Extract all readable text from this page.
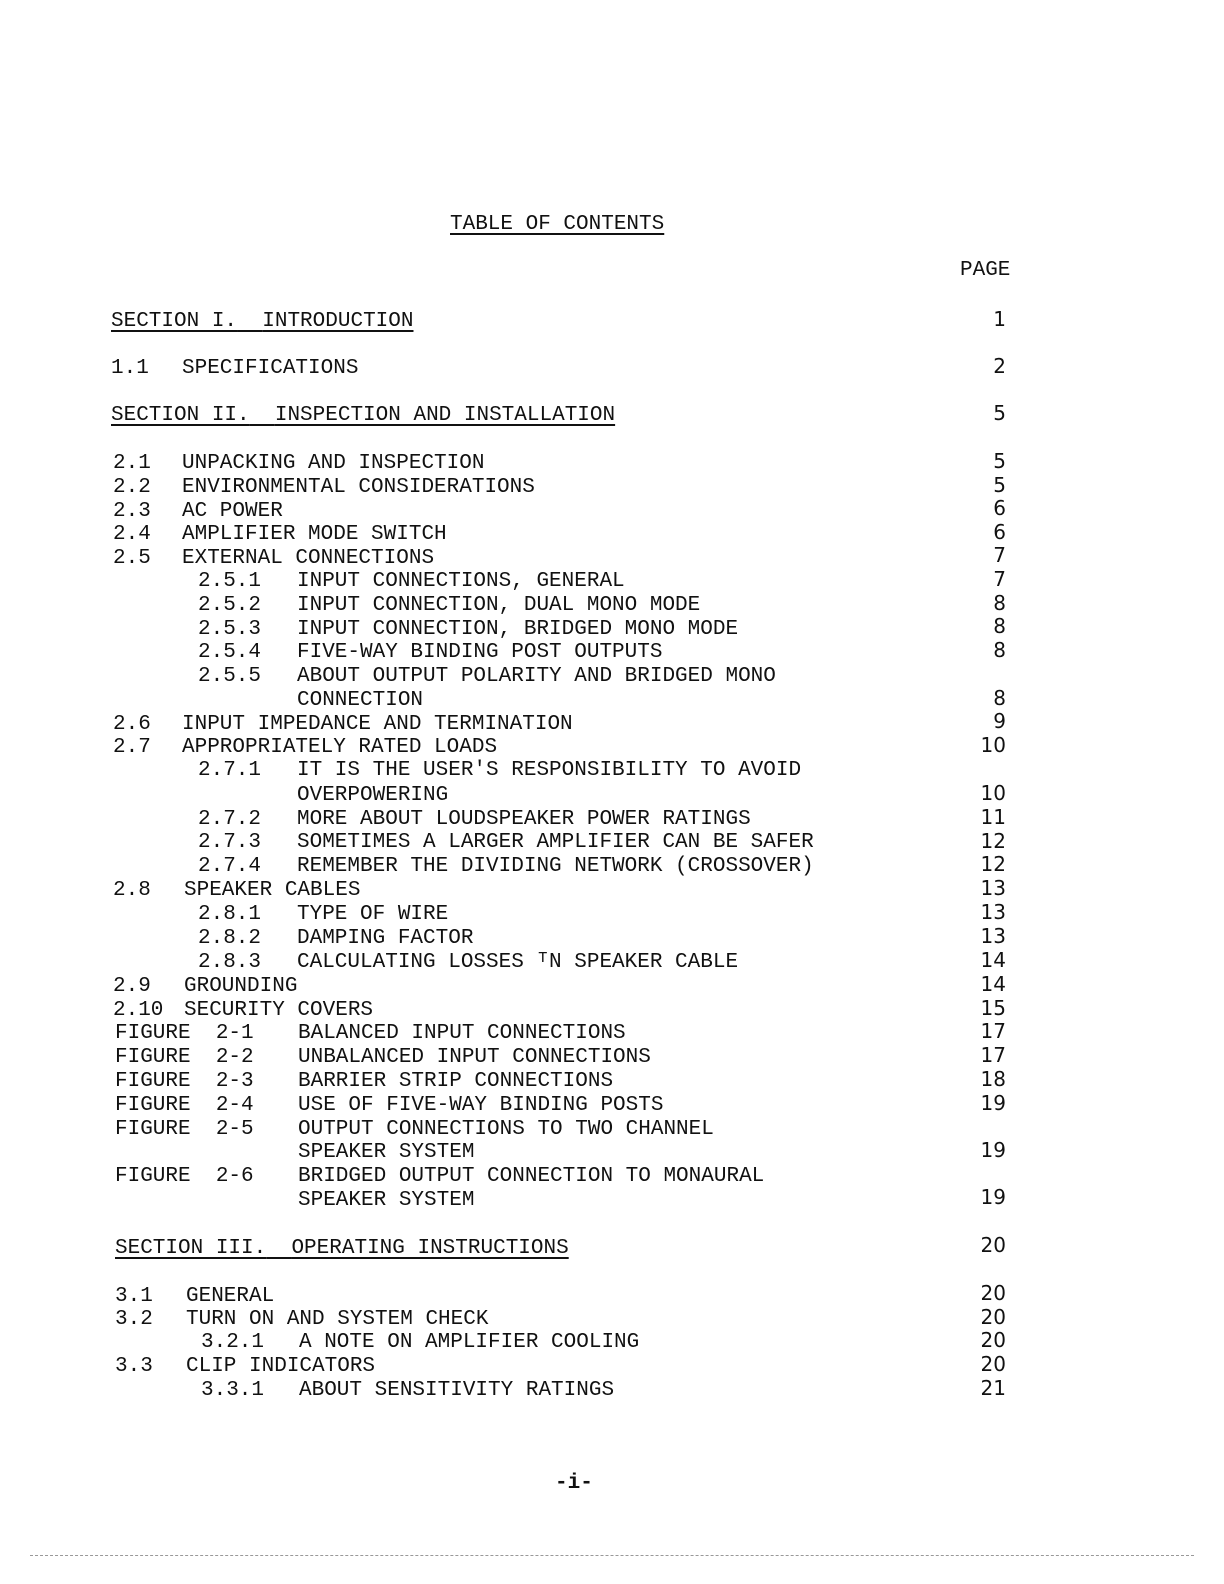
TABLE OF CONTENTS
PAGE
SECTION I. INTRODUCTION	1
1.1 SPECIFICATIONS	2
SECTION II. INSPECTION AND INSTALLATION	5
2.1 UNPACKING AND INSPECTION	5
2.2 ENVIRONMENTAL CONSIDERATIONS	5
2.3 AC POWER	6
2.4 AMPLIFIER MODE SWITCH	6
2.5 EXTERNAL CONNECTIONS	7
2.5.1 INPUT CONNECTIONS, GENERAL	7
2.5.2 INPUT CONNECTION, DUAL MONO MODE	8
2.5.3 INPUT CONNECTION, BRIDGED MONO MODE	8
2.5.4 FIVE-WAY BINDING POST OUTPUTS	8
2.5.5 ABOUT OUTPUT POLARITY AND BRIDGED MONO
CONNECTION	8
2.6 INPUT IMPEDANCE AND TERMINATION	9
2.7 APPROPRIATELY RATED LOADS	10
2.7.1 IT IS THE USER'S RESPONSIBILITY TO AVOID
OVERPOWERING	10
2.7.2 MORE ABOUT LOUDSPEAKER POWER RATINGS	11
2.7.3 SOMETIMES A LARGER AMPLIFIER CAN BE SAFER	12
2.7.4 REMEMBER THE DIVIDING NETWORK (CROSSOVER)	12
2.8 SPEAKER CABLES	13
2.8.1 TYPE OF WIRE	13
2.8.2 DAMPING FACTOR	13
2.8.3 CALCULATING LOSSES ᵀN SPEAKER CABLE	14
2.9 GROUNDING	14
2.10 SECURITY COVERS	15
FIGURE  2-1 BALANCED INPUT CONNECTIONS	17
FIGURE  2-2 UNBALANCED INPUT CONNECTIONS	17
FIGURE  2-3 BARRIER STRIP CONNECTIONS	18
FIGURE  2-4 USE OF FIVE-WAY BINDING POSTS	19
FIGURE  2-5 OUTPUT CONNECTIONS TO TWO CHANNEL
SPEAKER SYSTEM	19
FIGURE  2-6 BRIDGED OUTPUT CONNECTION TO MONAURAL
SPEAKER SYSTEM	19
SECTION III. OPERATING INSTRUCTIONS	20
3.1 GENERAL	20
3.2 TURN ON AND SYSTEM CHECK	20
3.2.1 A NOTE ON AMPLIFIER COOLING	20
3.3 CLIP INDICATORS	20
3.3.1 ABOUT SENSITIVITY RATINGS	21
-i-
